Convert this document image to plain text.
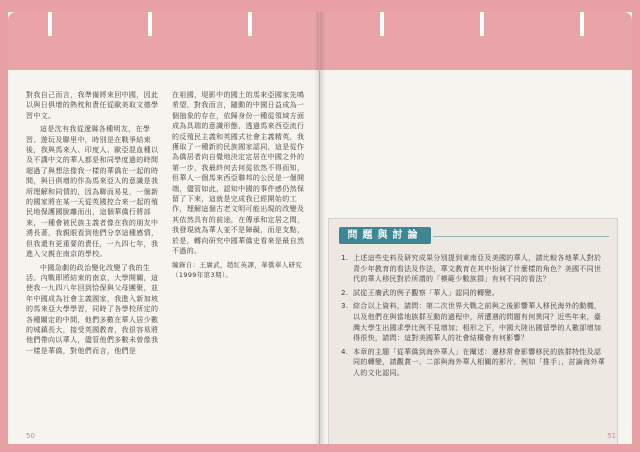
對我自己而言，我準備將來回中國，因此以與日俱增的熱枕和責任從歐美取文德學習中文。

這是沈有我從遼縣各種明友，在學習、遊玩及聯里中，時別是在戰爭結束後，我與馬來人、印度人、歐亞混血種以及不講中文的華人都是和同學度過的時間超過了與想法像我一樣的華僑在一起的時間，與日俱增的作為馬來亞人的意識是我所理解和同情的，因為聯而易見，一個新的國家將在某一天從英國控合來一起的殖民地保護國脫離而出，這個華僑行將部來，一種會被民族主義者像在我的朋友中湧長著，我親眼看到他們分享這種感情，但我還有更重要的責任，一九四七年，我進入父親在南京的學校。

中國急劇的政治變化改變了我的生活。內戰即將結束的南京，大學開關，這使我一九四八年回到恰保與父母團聚，並年中國成為社會主義國家，我進入新加坡的馬來亞大學學習，同時了各學校所定的各種關定的中間，他們多數在華人居少數的城鎮長大，接受英國教育，我很容易將他們帶向以華人，儘管他們多數未曾像我一樣是華僑，對他們而言，他們是

在祖國，堤影中的國土的馬來亞國家先鳴希望，對我而言，隨動的中國日益成為一個抽象的存在，依歸身份一種從領域方面成為具瑞的意識形態，透過馬來西亞流行的反殖民主義和英國式社會主義精英，我獲取了一種新的民族國家認同，這是從作為僑居者向自覺地決定定居在中國之外的第一步，我最終何去何從依然不得而知，但華人一個馬來西亞聯邦的公民是一個開端，儘管如此，認知中國的事件感仍然保留了下來，這就是完成我已經開始的工作，理解這個古老文明可能出現的改變及其依然具有的前途，在傳承和定居之間，我發現就為華人並不是障礙，而是支點，於是，轉向研究中國華僑史看來是最自然不過的。

編錄自：王賡武，趙紅英譯，華僑華人研究（1999年第3期）。

50
問題與討論
1. 上述這些史料及研究成果分別提到東南亞及美國的華人，請比較各地華人對於青少年教育的看法及作法，華文教育在其中扮演了什麼樣的角色？美國不同世代的華人移民對於所謂的「模範少數族群」有何不同的看法？
2. 試從王賡武的例子觀察「華人」認同的轉變。
3. 綜合以上資料，請問：第二次世界大戰之前與之後影響華人移民海外的動機，以及他們在與當地族群互動的過程中，所遭遇的問題有何異同？近些年來，臺灣大學生出國求學比例不見增加；相形之下，中國大陸出國留學的人數卻增加得很快，請問：這對美國華人的社會結構會有何影響？
4. 本章的主題「從華僑到海外華人」在闡述：遷移常會影響移民的族群特性及認同的轉變，請觀賞一、二部與海外華人相關的影片，例如「推手」，討論海外華人的文化認同。
51
